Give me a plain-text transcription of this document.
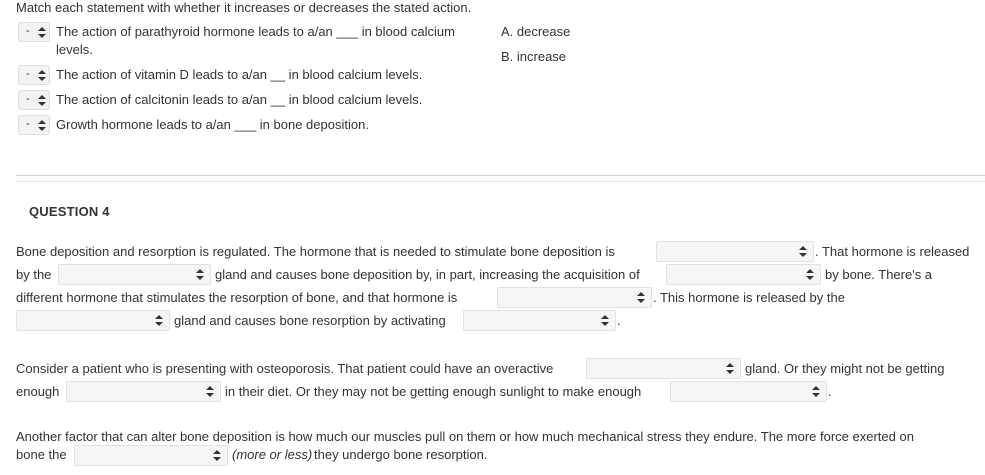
Match each statement with whether it increases or decreases the stated action.
- The action of parathyroid hormone leads to a/an ___ in blood calcium
levels.
- The action of vitamin D leads to a/an __ in blood calcium levels.
- The action of calcitonin leads to a/an __ in blood calcium levels.
- Growth hormone leads to a/an ___ in bone deposition.
A. decrease
B. increase
QUESTION 4
Bone deposition and resorption is regulated. The hormone that is needed to stimulate bone deposition is	. That hormone is released
by the	gland and causes bone deposition by, in part, increasing the acquisition of	by bone. There's a
different hormone that stimulates the resorption of bone, and that hormone is	. This hormone is released by the
gland and causes bone resorption by activating	.
Consider a patient who is presenting with osteoporosis. That patient could have an overactive	gland. Or they might not be getting
enough	in their diet. Or they may not be getting enough sunlight to make enough	.
Another factor that can alter bone deposition is how much our muscles pull on them or how much mechanical stress they endure. The more force exerted on
bone the	(more or less) they undergo bone resorption.
